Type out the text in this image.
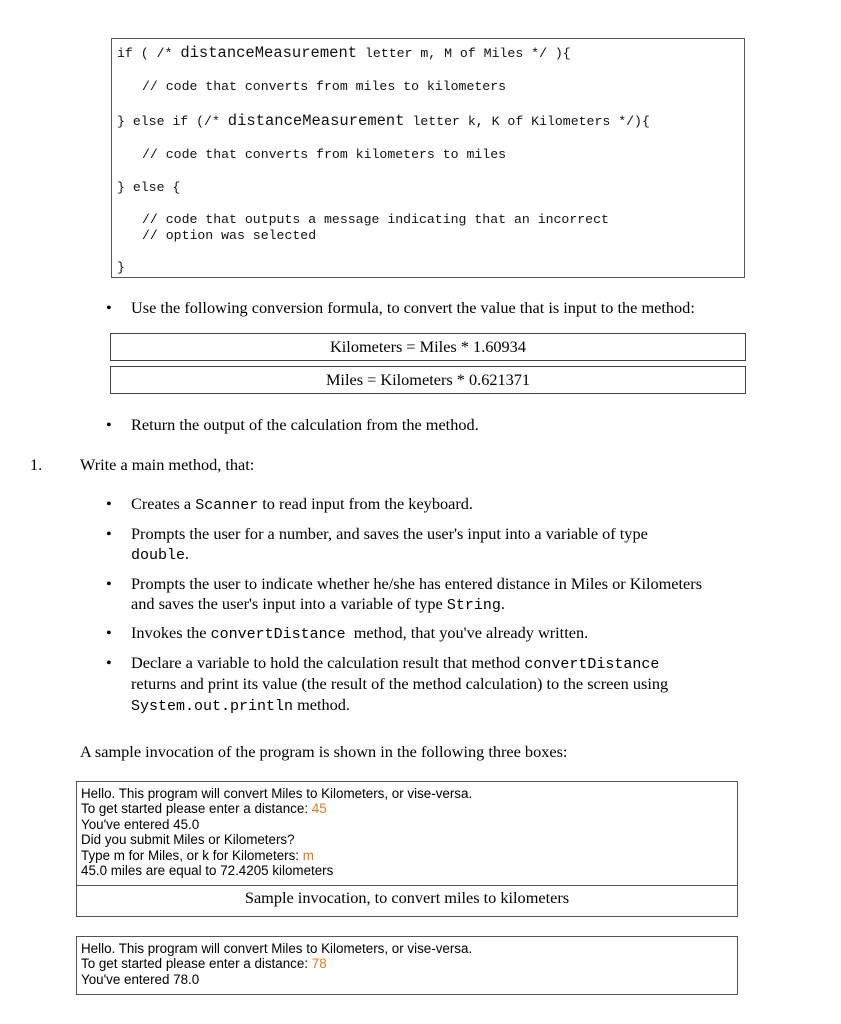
if ( /* distanceMeasurement letter m, M of Miles */ ){
// code that converts from miles to kilometers
} else if (/* distanceMeasurement letter k, K of Kilometers */){
// code that converts from kilometers to miles
} else {
// code that outputs a message indicating that an incorrect
// option was selected
}
• Use the following conversion formula, to convert the value that is input to the method:
Kilometers = Miles * 1.60934
Miles = Kilometers * 0.621371
• Return the output of the calculation from the method.
1. Write a main method, that:
• Creates a Scanner to read input from the keyboard.
• Prompts the user for a number, and saves the user's input into a variable of type
double.
• Prompts the user to indicate whether he/she has entered distance in Miles or Kilometers
and saves the user's input into a variable of type String.
• Invokes the convertDistance  method, that you've already written.
• Declare a variable to hold the calculation result that method convertDistance
returns and print its value (the result of the method calculation) to the screen using
System.out.println method.
A sample invocation of the program is shown in the following three boxes:
Hello. This program will convert Miles to Kilometers, or vise-versa.
To get started please enter a distance: 45
You've entered 45.0
Did you submit Miles or Kilometers?
Type m for Miles, or k for Kilometers: m
45.0 miles are equal to 72.4205 kilometers
Sample invocation, to convert miles to kilometers
Hello. This program will convert Miles to Kilometers, or vise-versa.
To get started please enter a distance: 78
You've entered 78.0
